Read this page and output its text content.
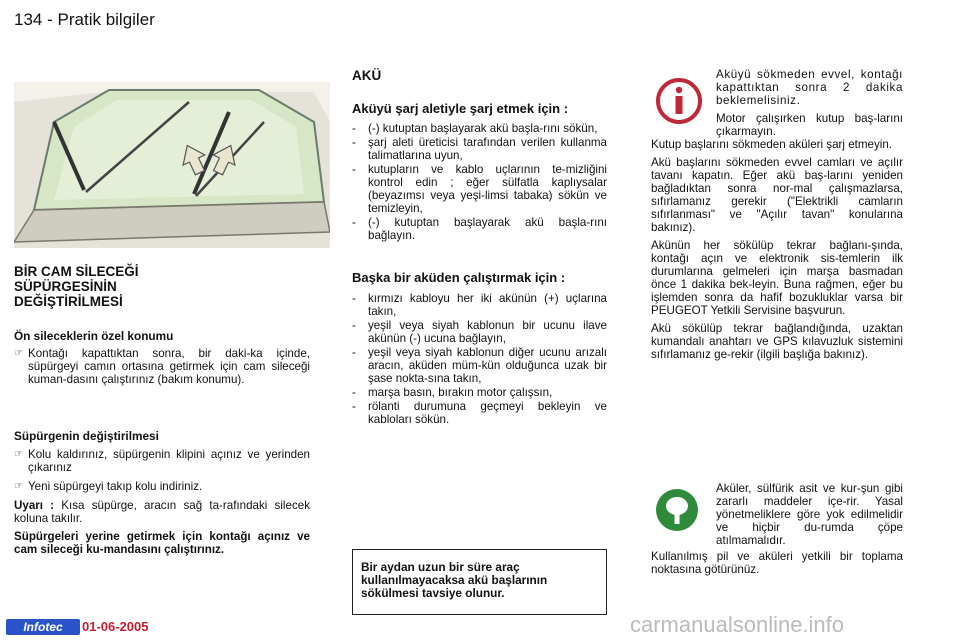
134 - Pratik bilgiler
BİR CAM SİLECEĞİ SÜPÜRGESİNİN DEĞİŞTİRİLMESİ
Ön sileceklerin özel konumu
☞ Kontağı kapattıktan sonra, bir daki-ka içinde, süpürgeyi camın ortasına getirmek için cam sileceği kuman-dasını çalıştırınız (bakım konumu).
Süpürgenin değiştirilmesi
☞ Kolu kaldırınız, süpürgenin klipini açınız ve yerinden çıkarınız
☞ Yeni süpürgeyi takıp kolu indiriniz.

Uyarı : Kısa süpürge, aracın sağ ta-rafındaki silecek koluna takılır.

Süpürgeleri yerine getirmek için kontağı açınız ve cam sileceği ku-mandasını çalıştırınız.

AKÜ
Aküyü şarj aletiyle şarj etmek için :
-	(-) kutuptan başlayarak akü başla-rını sökün,
-	şarj aleti üreticisi tarafından verilen kullanma talimatlarına uyun,
-	kutupların ve kablo uçlarının te-mizliğini kontrol edin ; eğer sülfatla kaplıysalar (beyazımsı veya yeşi-limsi tabaka) sökün ve temizleyin,
-	(-) kutuptan başlayarak akü başla-rını bağlayın.
Başka bir aküden çalıştırmak için :
-	kırmızı kabloyu her iki akünün (+) uçlarına takın,
-	yeşil veya siyah kablonun bir ucunu ilave akünün (-) ucuna bağlayın,
-	yeşil veya siyah kablonun diğer ucunu arızalı aracın, aküden müm-kün olduğunca uzak bir şase nokta-sına takın,
-	marşa basın, bırakın motor çalışsın,
-	rölanti durumuna geçmeyi bekleyin ve kabloları sökün.
Bir aydan uzun bir süre araç kullanılmayacaksa akü başlarının sökülmesi tavsiye olunur.

Aküyü sökmeden evvel, kontağı kapattıktan sonra 2 dakika beklemelisiniz.

Motor çalışırken kutup baş-larını çıkarmayın.

Kutup başlarını sökmeden aküleri şarj etmeyin.

Akü başlarını sökmeden evvel camları ve açılır tavanı kapatın. Eğer akü baş-larını yeniden bağladıktan sonra nor-mal çalışmazlarsa, sıfırlamanız gerekir ("Elektrikli camların sıfırlanması" ve "Açılır tavan" konularına bakınız).

Akünün her sökülüp tekrar bağlanı-şında, kontağı açın ve elektronik sis-temlerin ilk durumlarına gelmeleri için marşa basmadan önce 1 dakika bek-leyin. Buna rağmen, eğer bu işlemden sonra da hafif bozukluklar varsa bir PEUGEOT Yetkili Servisine başvurun.

Akü sökülüp tekrar bağlandığında, uzaktan kumandalı anahtarı ve GPS kılavuzluk sistemini sıfırlamanız ge-rekir (ilgili başlığa bakınız).

Aküler, sülfürik asit ve kur-şun gibi zararlı maddeler içe-rir. Yasal yönetmeliklere göre yok edilmelidir ve hiçbir du-rumda çöpe atılmamalıdır.

Kullanılmış pil ve aküleri yetkili bir toplama noktasına götürünüz.

Infotec	01-06-2005	carmanualsonline.info
